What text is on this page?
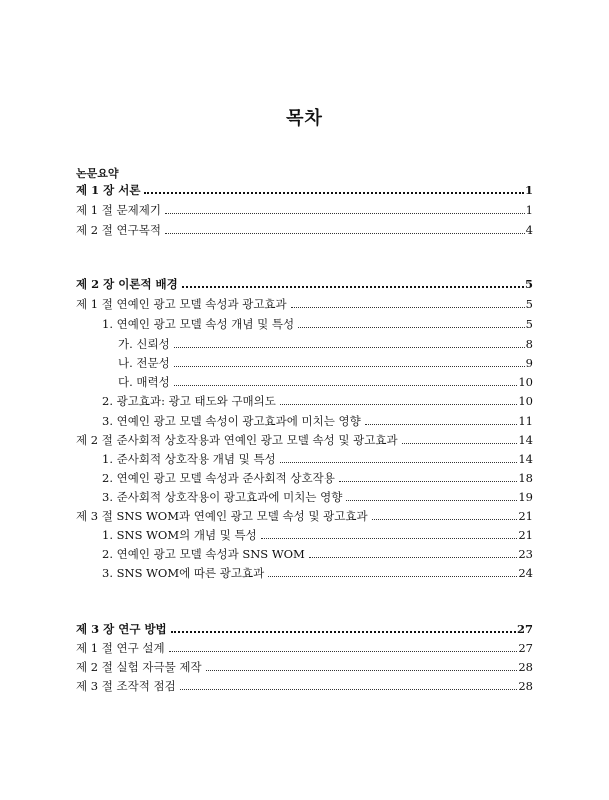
목차
논문요약
제 1 장 서론	1
제 1 절 문제제기	1
제 2 절 연구목적	4
제 2 장 이론적 배경	5
제 1 절 연예인 광고 모델 속성과 광고효과	5
1. 연예인 광고 모델 속성 개념 및 특성	5
가. 신뢰성	8
나. 전문성	9
다. 매력성	10
2. 광고효과: 광고 태도와 구매의도	10
3. 연예인 광고 모델 속성이 광고효과에 미치는 영향	11
제 2 절 준사회적 상호작용과 연예인 광고 모델 속성 및 광고효과	14
1. 준사회적 상호작용 개념 및 특성	14
2. 연예인 광고 모델 속성과 준사회적 상호작용	18
3. 준사회적 상호작용이 광고효과에 미치는 영향	19
제 3 절 SNS WOM과 연예인 광고 모델 속성 및 광고효과	21
1. SNS WOM의 개념 및 특성	21
2. 연예인 광고 모델 속성과 SNS WOM	23
3. SNS WOM에 따른 광고효과	24
제 3 장 연구 방법	27
제 1 절 연구 설계	27
제 2 절 실험 자극물 제작	28
제 3 절 조작적 점검	28
